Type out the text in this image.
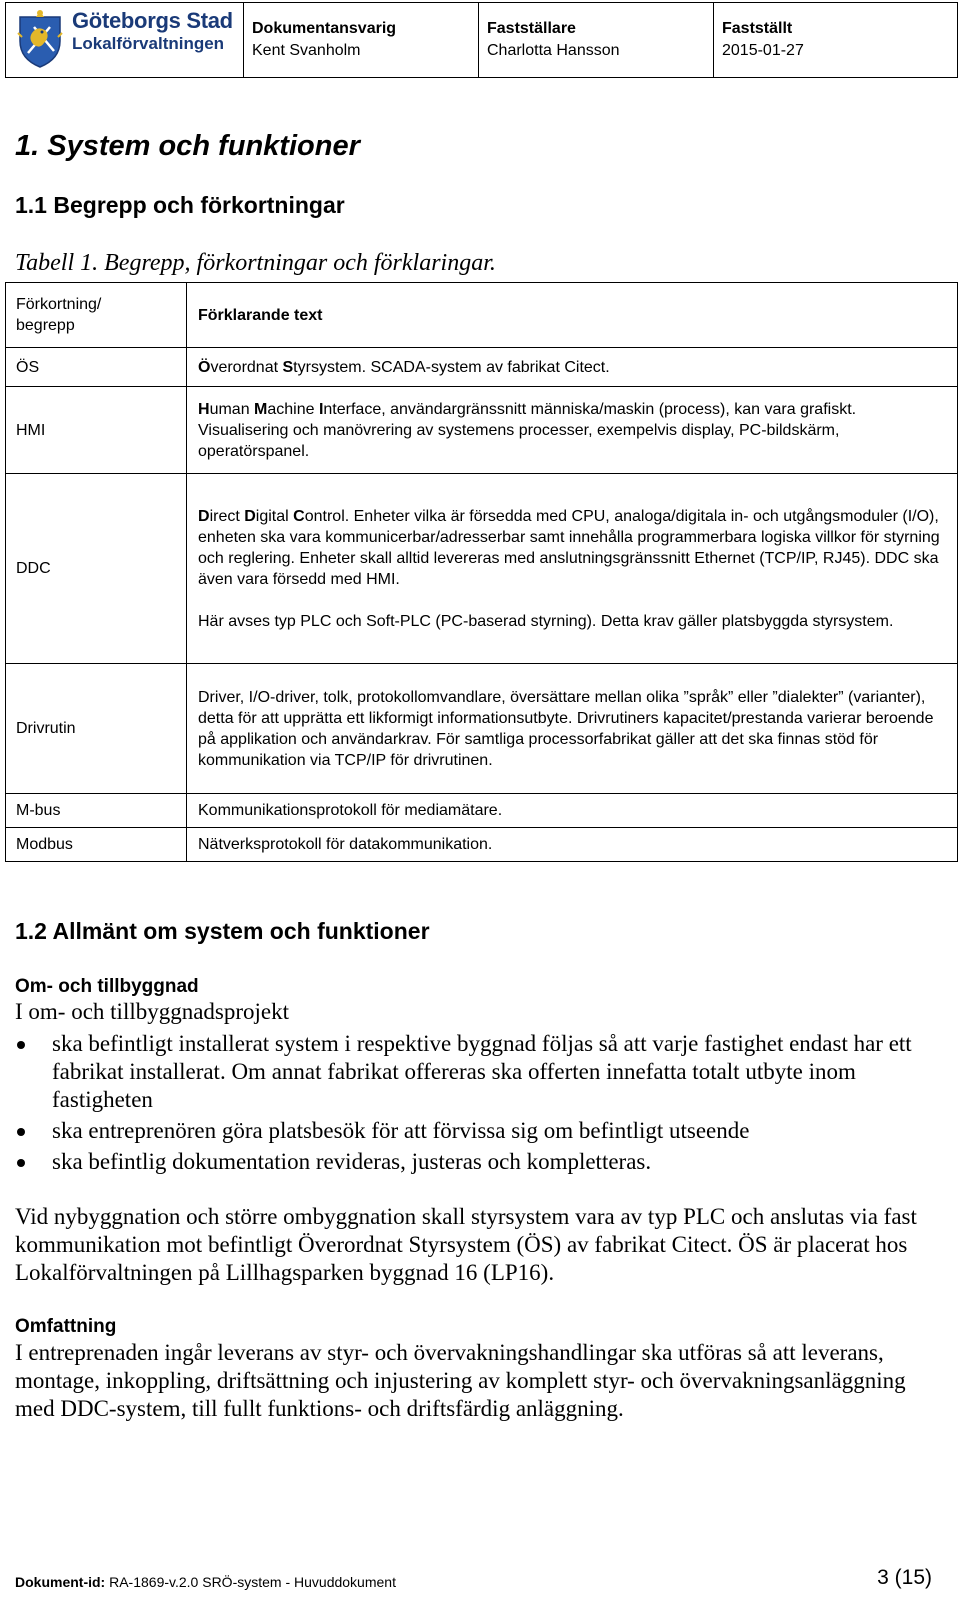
Göteborgs Stad
Lokalförvaltningen
Dokumentansvarig
Kent Svanholm
Fastställare
Charlotta Hansson
Fastställt
2015-01-27
1. System och funktioner
1.1 Begrepp och förkortningar
Tabell 1. Begrepp, förkortningar och förklaringar.
Förkortning/ begrepp	Förklarande text
ÖS	Överordnat Styrsystem. SCADA-system av fabrikat Citect.
HMI	Human Machine Interface, användargränssnitt människa/maskin (process), kan vara grafiskt. Visualisering och manövrering av systemens processer, exempelvis display, PC-bildskärm, operatörspanel.
DDC	Direct Digital Control. Enheter vilka är försedda med CPU, analoga/digitala in- och utgångsmoduler (I/O), enheten ska vara kommunicerbar/adresserbar samt innehålla programmerbara logiska villkor för styrning och reglering. Enheter skall alltid levereras med anslutningsgränssnitt Ethernet (TCP/IP, RJ45). DDC ska även vara försedd med HMI.

Här avses typ PLC och Soft-PLC (PC-baserad styrning). Detta krav gäller platsbyggda styrsystem.

Drivrutin	Driver, I/O-driver, tolk, protokollomvandlare, översättare mellan olika ”språk” eller ”dialekter” (varianter), detta för att upprätta ett likformigt informationsutbyte. Drivrutiners kapacitet/prestanda varierar beroende på applikation och användarkrav. För samtliga processorfabrikat gäller att det ska finnas stöd för kommunikation via TCP/IP för drivrutinen.
M-bus	Kommunikationsprotokoll för mediamätare.
Modbus	Nätverksprotokoll för datakommunikation.
1.2 Allmänt om system och funktioner
Om- och tillbyggnad
I om- och tillbyggnadsprojekt
ska befintligt installerat system i respektive byggnad följas så att varje fastighet endast har ett fabrikat installerat. Om annat fabrikat offereras ska offerten innefatta totalt utbyte inom fastigheten
ska entreprenören göra platsbesök för att förvissa sig om befintligt utseende
ska befintlig dokumentation revideras, justeras och kompletteras.
Vid nybyggnation och större ombyggnation skall styrsystem vara av typ PLC och anslutas via fast kommunikation mot befintligt Överordnat Styrsystem (ÖS) av fabrikat Citect. ÖS är placerat hos Lokalförvaltningen på Lillhagsparken byggnad 16 (LP16).
Omfattning
I entreprenaden ingår leverans av styr- och övervakningshandlingar ska utföras så att leverans, montage, inkoppling, driftsättning och injustering av komplett styr- och övervakningsanläggning med DDC-system, till fullt funktions- och driftsfärdig anläggning.
Dokument-id: RA-1869-v.2.0 SRÖ-system - Huvuddokument	3 (15)
